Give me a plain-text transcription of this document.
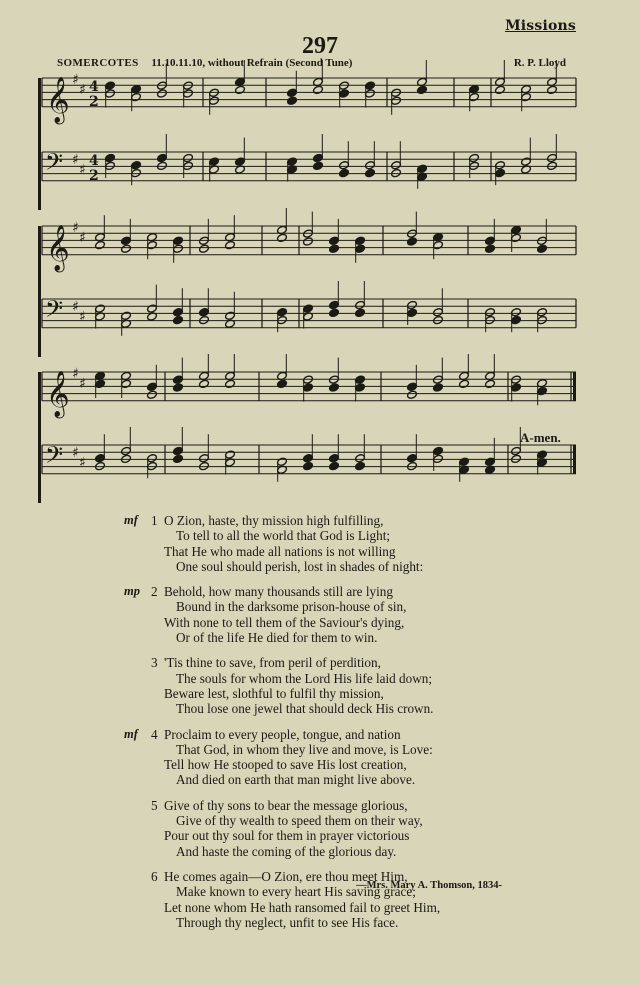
Missions
297
SOMERCOTES 11.10.11.10, without Refrain (Second Tune)	R. P. Lloyd
𝄞 ♯
♯ 4
2
𝄢 ♯
♯
4
2
𝄞 ♯
♯
𝄢 ♯
♯
𝄞 ♯
♯
𝄢 ♯
♯
A-men.
mf 1 O Zion, haste, thy mission high fulfilling,
To tell to all the world that God is Light;
That He who made all nations is not willing
One soul should perish, lost in shades of night:
mp 2 Behold, how many thousands still are lying
Bound in the darksome prison-house of sin,
With none to tell them of the Saviour's dying,
Or of the life He died for them to win.
3 'Tis thine to save, from peril of perdition,
The souls for whom the Lord His life laid down;
Beware lest, slothful to fulfil thy mission,
Thou lose one jewel that should deck His crown.
mf 4 Proclaim to every people, tongue, and nation
That God, in whom they live and move, is Love:
Tell how He stooped to save His lost creation,
And died on earth that man might live above.
5 Give of thy sons to bear the message glorious,
Give of thy wealth to speed them on their way,
Pour out thy soul for them in prayer victorious
And haste the coming of the glorious day.
6 He comes again—O Zion, ere thou meet Him,
Make known to every heart His saving grace;
Let none whom He hath ransomed fail to greet Him,
Through thy neglect, unfit to see His face.
—Mrs. Mary A. Thomson, 1834-
